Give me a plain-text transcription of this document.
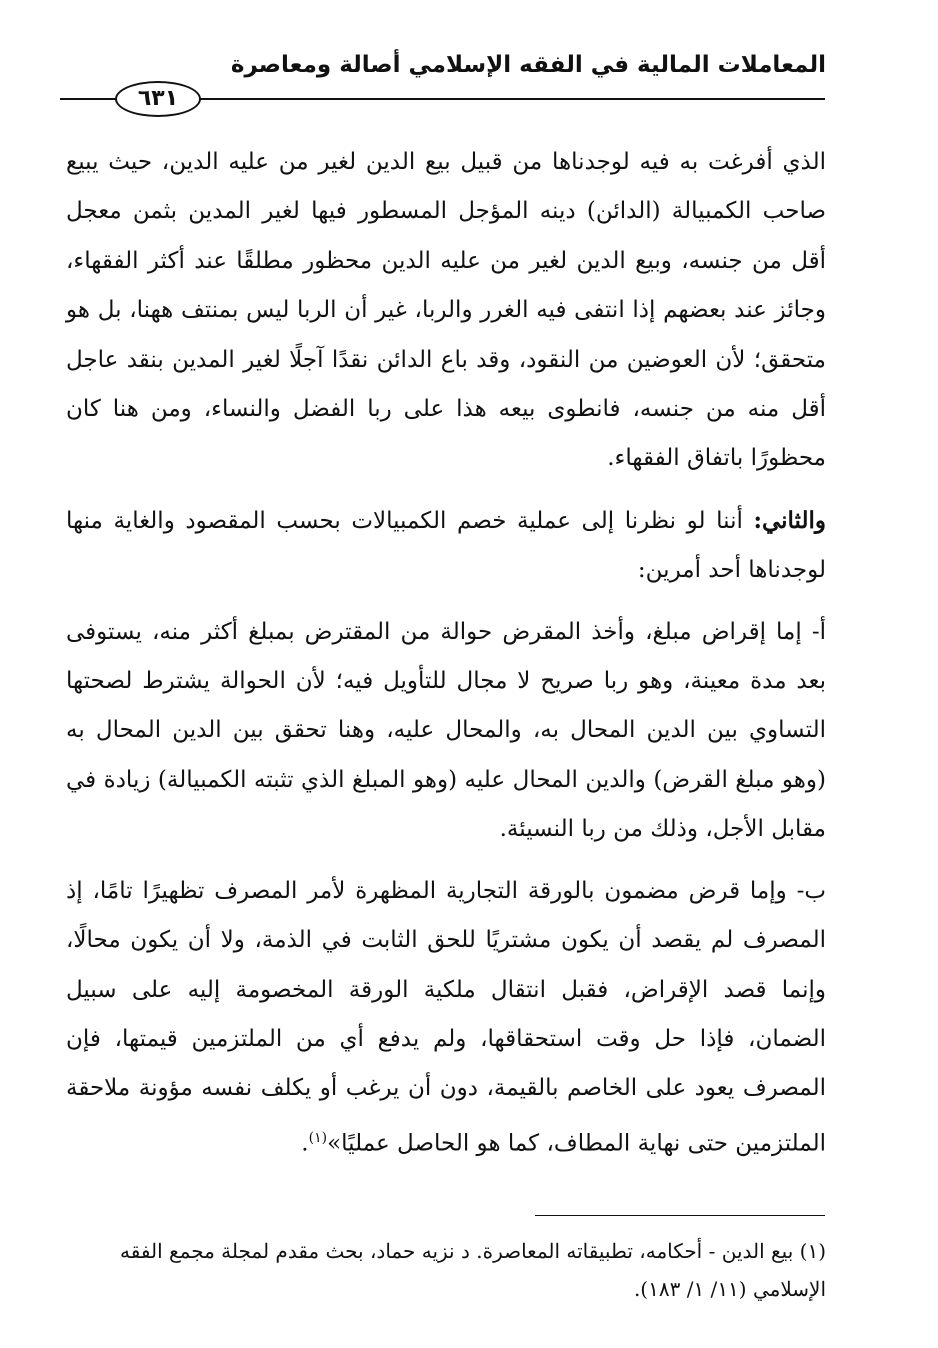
المعاملات المالية في الفقه الإسلامي أصالة ومعاصرة
٦٣١

الذي أفرغت به فيه لوجدناها من قبيل بيع الدين لغير من عليه الدين، حيث يبيع صاحب الكمبيالة (الدائن) دينه المؤجل المسطور فيها لغير المدين بثمن معجل أقل من جنسه، وبيع الدين لغير من عليه الدين محظور مطلقًا عند أكثر الفقهاء، وجائز عند بعضهم إذا انتفى فيه الغرر والربا، غير أن الربا ليس بمنتف ههنا، بل هو متحقق؛ لأن العوضين من النقود، وقد باع الدائن نقدًا آجلًا لغير المدين بنقد عاجل أقل منه من جنسه، فانطوى بيعه هذا على ربا الفضل والنساء، ومن هنا كان محظورًا باتفاق الفقهاء.

والثاني: أننا لو نظرنا إلى عملية خصم الكمبيالات بحسب المقصود والغاية منها لوجدناها أحد أمرين:

أ- إما إقراض مبلغ، وأخذ المقرض حوالة من المقترض بمبلغ أكثر منه، يستوفى بعد مدة معينة، وهو ربا صريح لا مجال للتأويل فيه؛ لأن الحوالة يشترط لصحتها التساوي بين الدين المحال به، والمحال عليه، وهنا تحقق بين الدين المحال به (وهو مبلغ القرض) والدين المحال عليه (وهو المبلغ الذي تثبته الكمبيالة) زيادة في مقابل الأجل، وذلك من ربا النسيئة.

ب- وإما قرض مضمون بالورقة التجارية المظهرة لأمر المصرف تظهيرًا تامًا، إذ المصرف لم يقصد أن يكون مشتريًا للحق الثابت في الذمة، ولا أن يكون محالًا، وإنما قصد الإقراض، فقبل انتقال ملكية الورقة المخصومة إليه على سبيل الضمان، فإذا حل وقت استحقاقها، ولم يدفع أي من الملتزمين قيمتها، فإن المصرف يعود على الخاصم بالقيمة، دون أن يرغب أو يكلف نفسه مؤونة ملاحقة الملتزمين حتى نهاية المطاف، كما هو الحاصل عمليًا»$^{(١)}$.

(١) بيع الدين - أحكامه، تطبيقاته المعاصرة. د نزيه حماد، بحث مقدم لمجلة مجمع الفقه

الإسلامي (١١/ ١/ ١٨٣).
